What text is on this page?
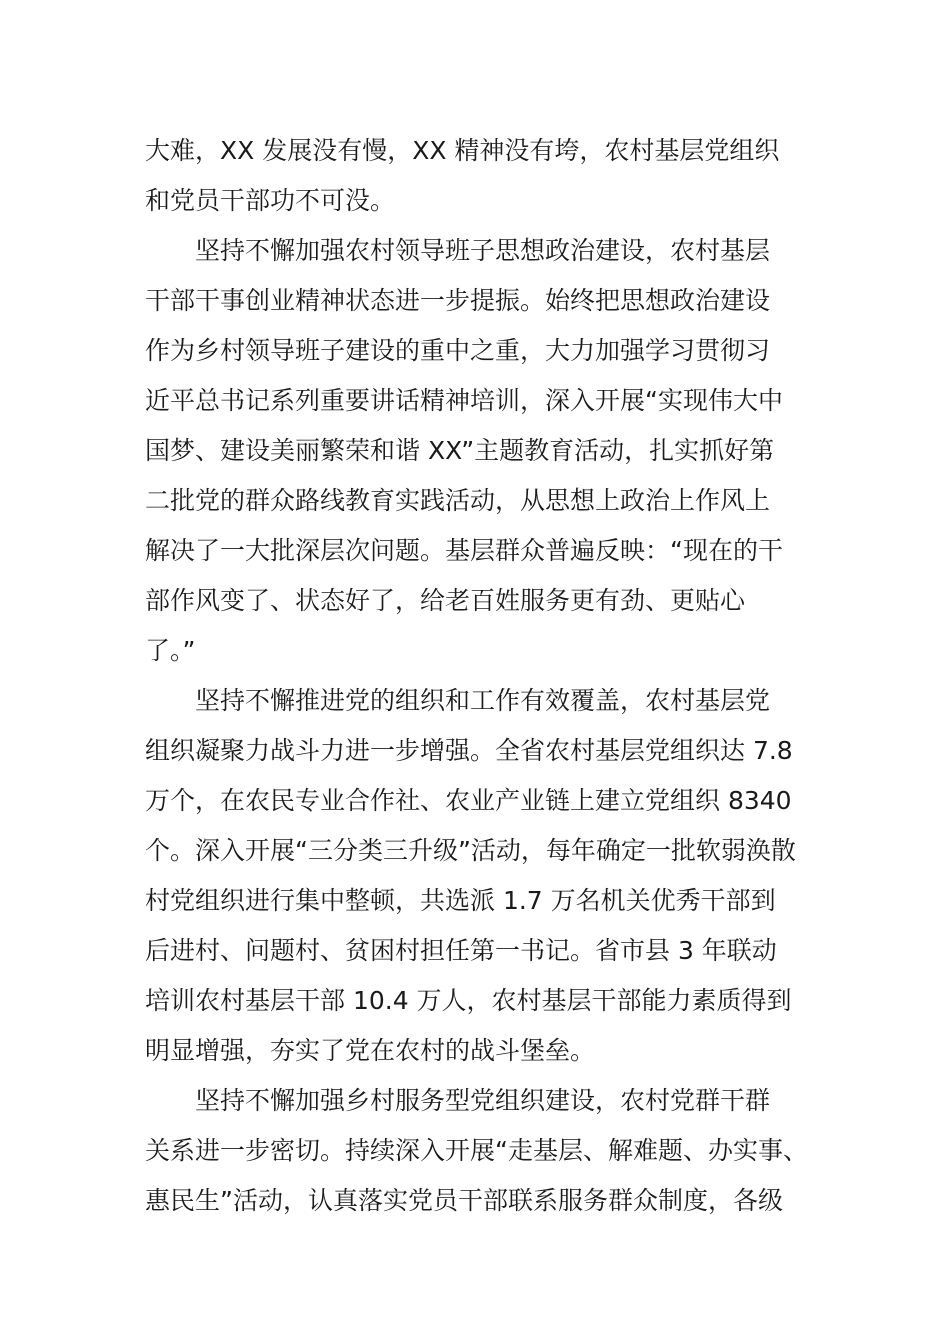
大难，XX 发展没有慢，XX 精神没有垮，农村基层党组织
和党员干部功不可没。
坚持不懈加强农村领导班子思想政治建设，农村基层
干部干事创业精神状态进一步提振。始终把思想政治建设
作为乡村领导班子建设的重中之重，大力加强学习贯彻习
近平总书记系列重要讲话精神培训，深入开展“实现伟大中
国梦、建设美丽繁荣和谐 XX”主题教育活动，扎实抓好第
二批党的群众路线教育实践活动，从思想上政治上作风上
解决了一大批深层次问题。基层群众普遍反映：“现在的干
部作风变了、状态好了，给老百姓服务更有劲、更贴心
了。”
坚持不懈推进党的组织和工作有效覆盖，农村基层党
组织凝聚力战斗力进一步增强。全省农村基层党组织达 7.8
万个，在农民专业合作社、农业产业链上建立党组织 8340
个。深入开展“三分类三升级”活动，每年确定一批软弱涣散
村党组织进行集中整顿，共选派 1.7 万名机关优秀干部到
后进村、问题村、贫困村担任第一书记。省市县 3 年联动
培训农村基层干部 10.4 万人，农村基层干部能力素质得到
明显增强，夯实了党在农村的战斗堡垒。
坚持不懈加强乡村服务型党组织建设，农村党群干群
关系进一步密切。持续深入开展“走基层、解难题、办实事、
惠民生”活动，认真落实党员干部联系服务群众制度，各级
